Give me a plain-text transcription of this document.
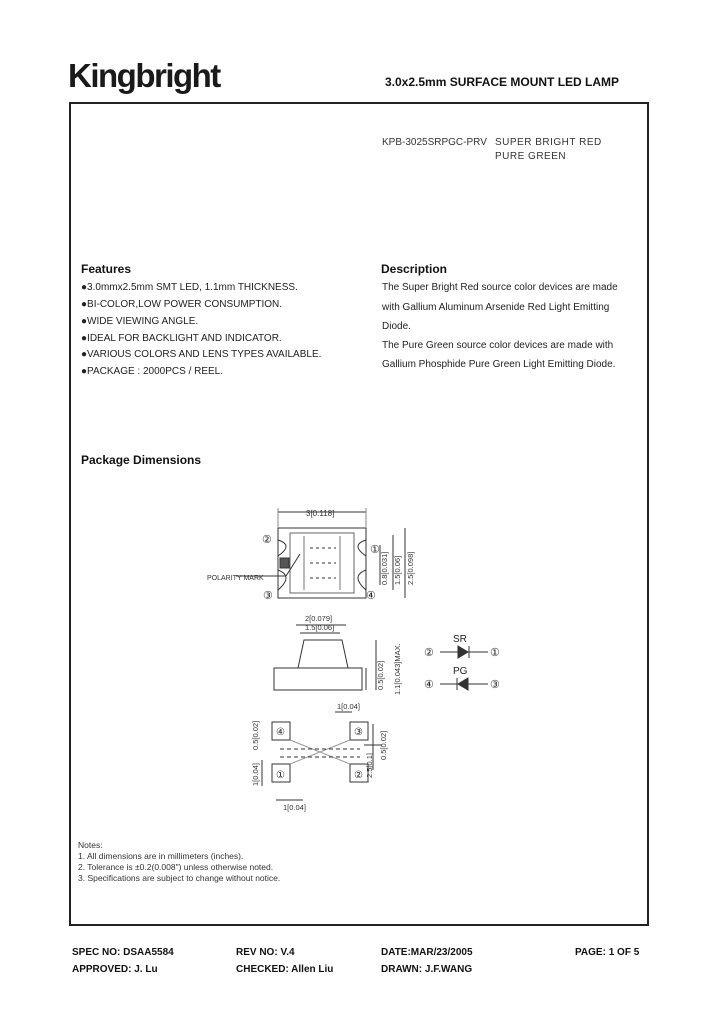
Kingbright	3.0x2.5mm SURFACE MOUNT LED LAMP
KPB-3025SRPGC-PRV SUPER BRIGHT RED
PURE GREEN
Features
●3.0mmx2.5mm SMT LED, 1.1mm THICKNESS.
●BI-COLOR,LOW POWER CONSUMPTION.
●WIDE VIEWING ANGLE.
●IDEAL FOR BACKLIGHT AND INDICATOR.
●VARIOUS COLORS AND LENS TYPES AVAILABLE.
●PACKAGE : 2000PCS / REEL.
Description
The Super Bright Red source color devices are made
with Gallium Aluminum Arsenide Red Light Emitting
Diode.
The Pure Green source color devices are made with
Gallium Phosphide Pure Green Light Emitting Diode.
Package Dimensions
②
①
③	④
3[0.118]
POLARITY MARK	0.8[0.031] 1.5[0.06] 2.5[0.098]
2[0.079]
1.5[0.06]
1.1[0.043]MAX.
0.5[0.02]
SR
PG
②	①
④	③
④	③
①	②
1[0.04]
0.5[0.02]	0.5[0.02]
2.5[0.1]
1[0.04]
1[0.04]
Notes:
1. All dimensions are in millimeters (inches).
2. Tolerance is ±0.2(0.008") unless otherwise noted.
3. Specifications are subject to change without notice.
SPEC NO: DSAA5584	REV NO: V.4	DATE:MAR/23/2005	PAGE: 1 OF 5
APPROVED: J. Lu	CHECKED: Allen Liu	DRAWN: J.F.WANG
